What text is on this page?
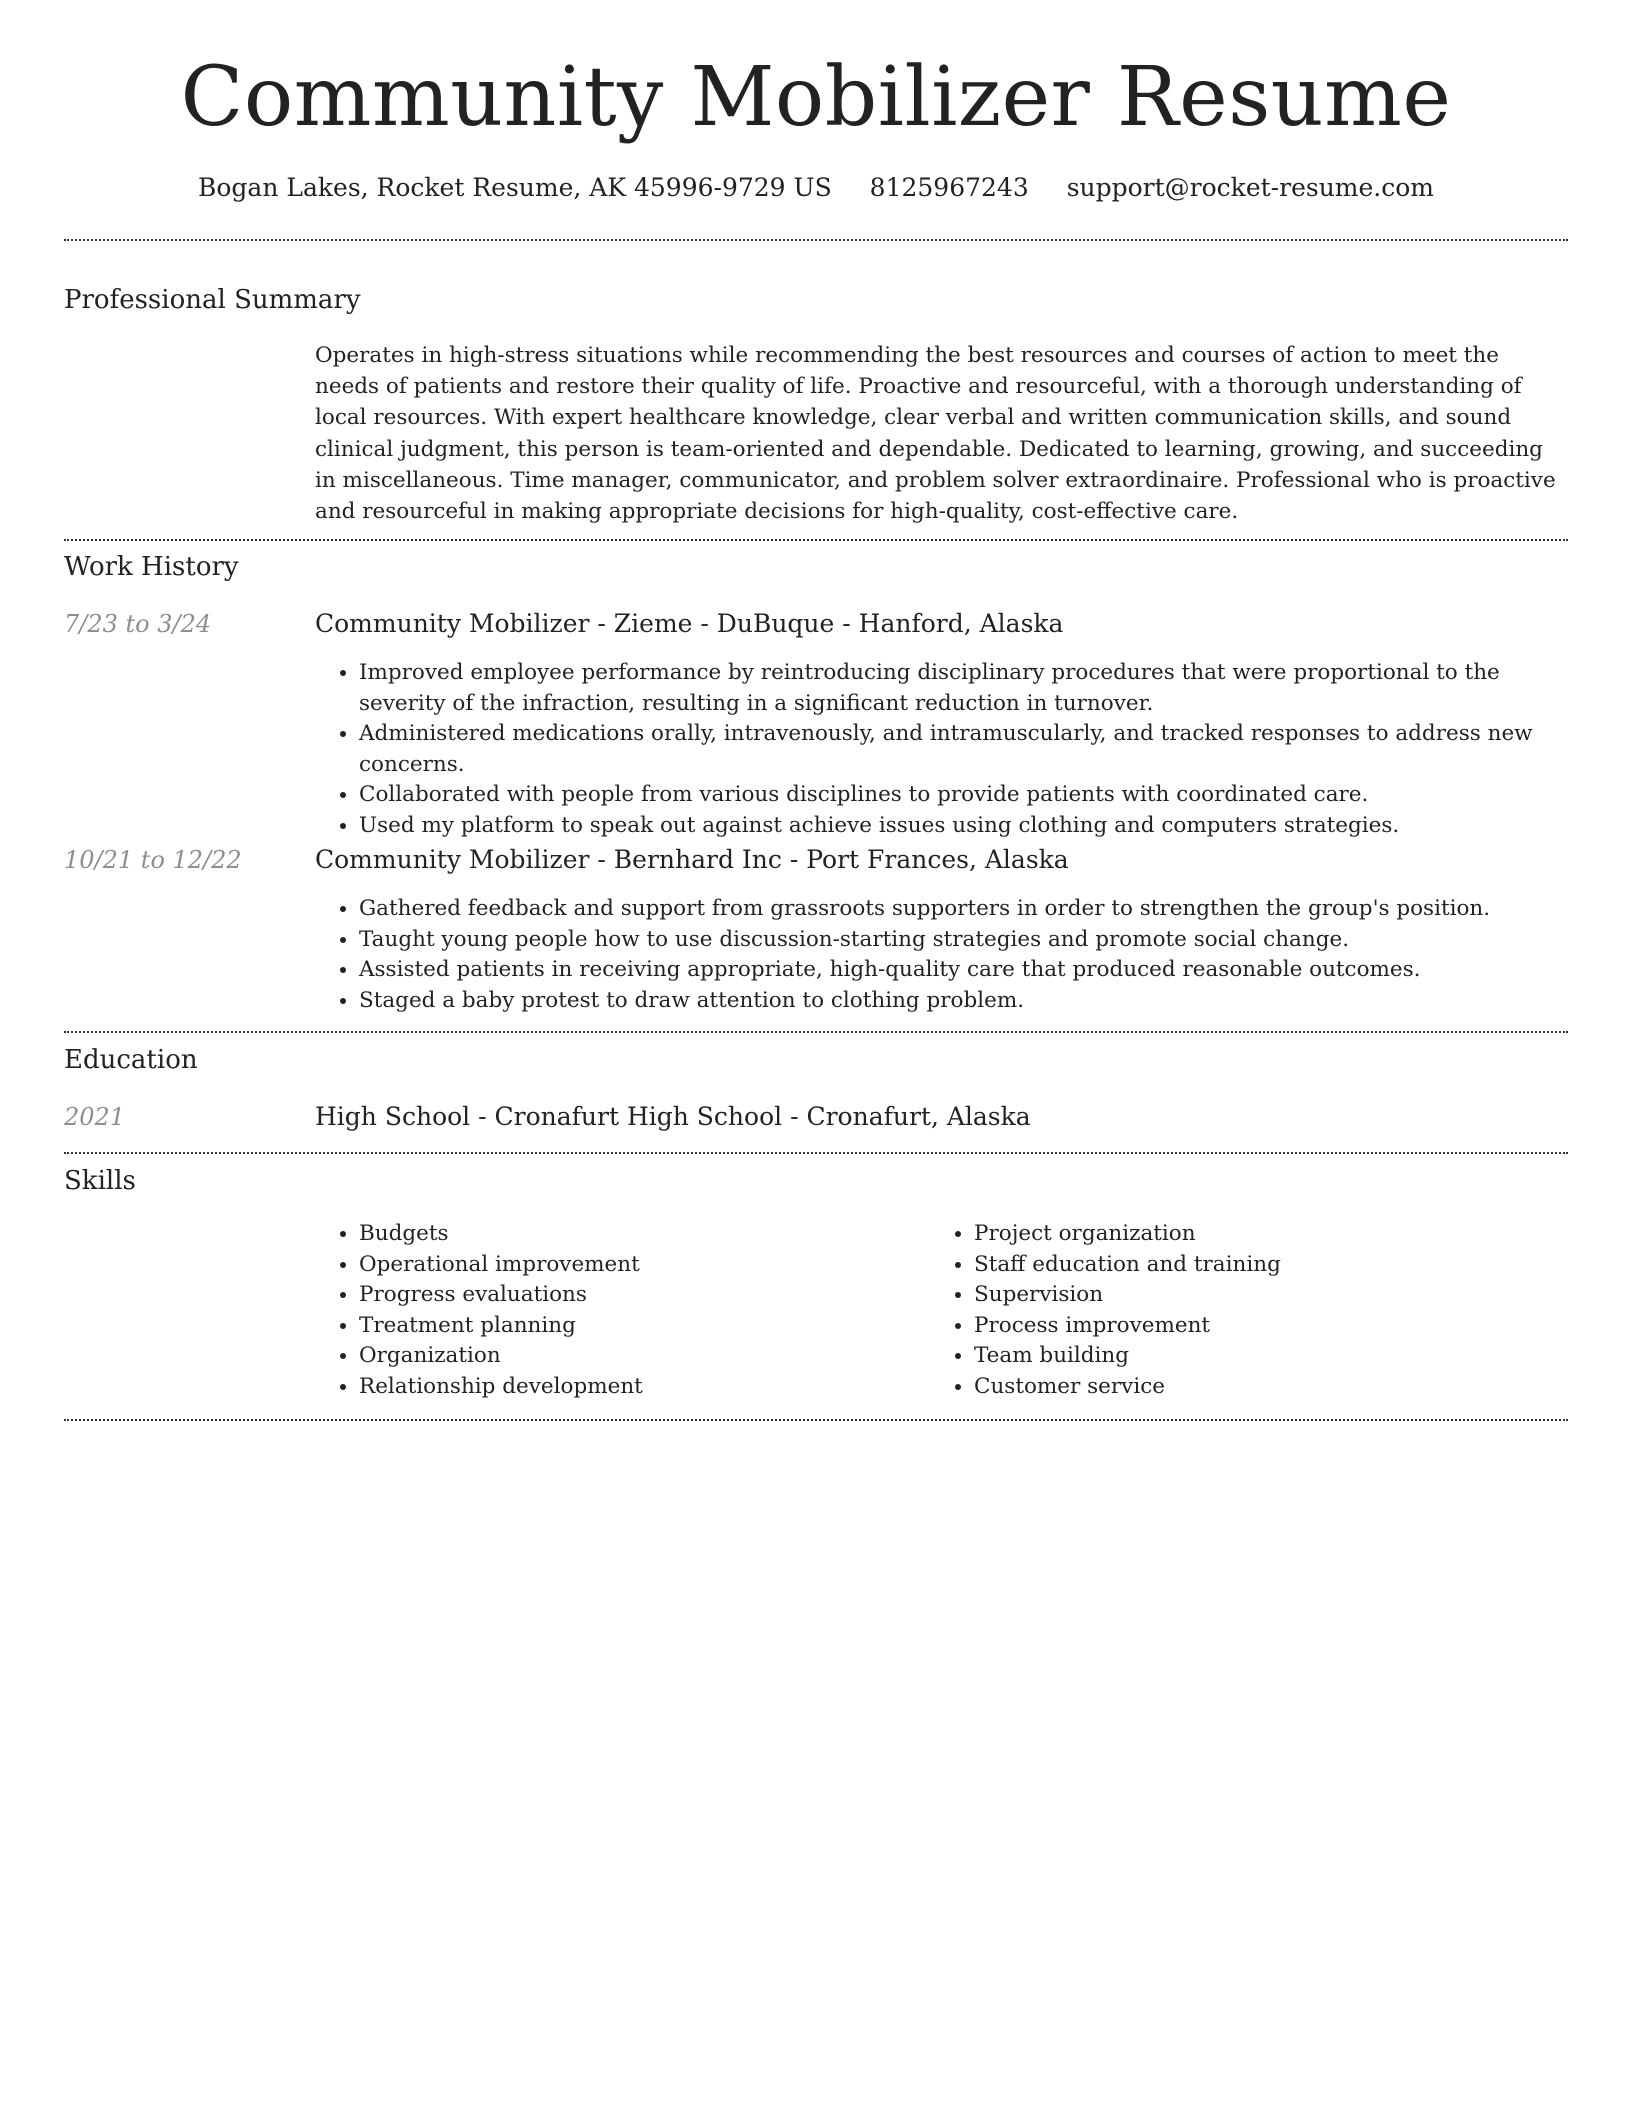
Community Mobilizer Resume
Bogan Lakes, Rocket Resume, AK 45996-9729 US 8125967243 support@rocket-resume.com
Professional Summary

Operates in high-stress situations while recommending the best resources and courses of action to meet the needs of patients and restore their quality of life. Proactive and resourceful, with a thorough understanding of local resources. With expert healthcare knowledge, clear verbal and written communication skills, and sound clinical judgment, this person is team-oriented and dependable. Dedicated to learning, growing, and succeeding in miscellaneous. Time manager, communicator, and problem solver extraordinaire. Professional who is proactive and resourceful in making appropriate decisions for high-quality, cost-effective care.

Work History
7/23 to 3/24	Community Mobilizer - Zieme - DuBuque - Hanford, Alaska
• Improved employee performance by reintroducing disciplinary procedures that were proportional to the severity of the infraction, resulting in a significant reduction in turnover.
• Administered medications orally, intravenously, and intramuscularly, and tracked responses to address new concerns.
• Collaborated with people from various disciplines to provide patients with coordinated care.
• Used my platform to speak out against achieve issues using clothing and computers strategies.
10/21 to 12/22	Community Mobilizer - Bernhard Inc - Port Frances, Alaska
• Gathered feedback and support from grassroots supporters in order to strengthen the group's position.
• Taught young people how to use discussion-starting strategies and promote social change.
• Assisted patients in receiving appropriate, high-quality care that produced reasonable outcomes.
• Staged a baby protest to draw attention to clothing problem.
Education
2021	High School - Cronafurt High School - Cronafurt, Alaska
Skills
• Budgets
• Operational improvement
• Progress evaluations
• Treatment planning
• Organization
• Relationship development
• Project organization
• Staff education and training
• Supervision
• Process improvement
• Team building
• Customer service
